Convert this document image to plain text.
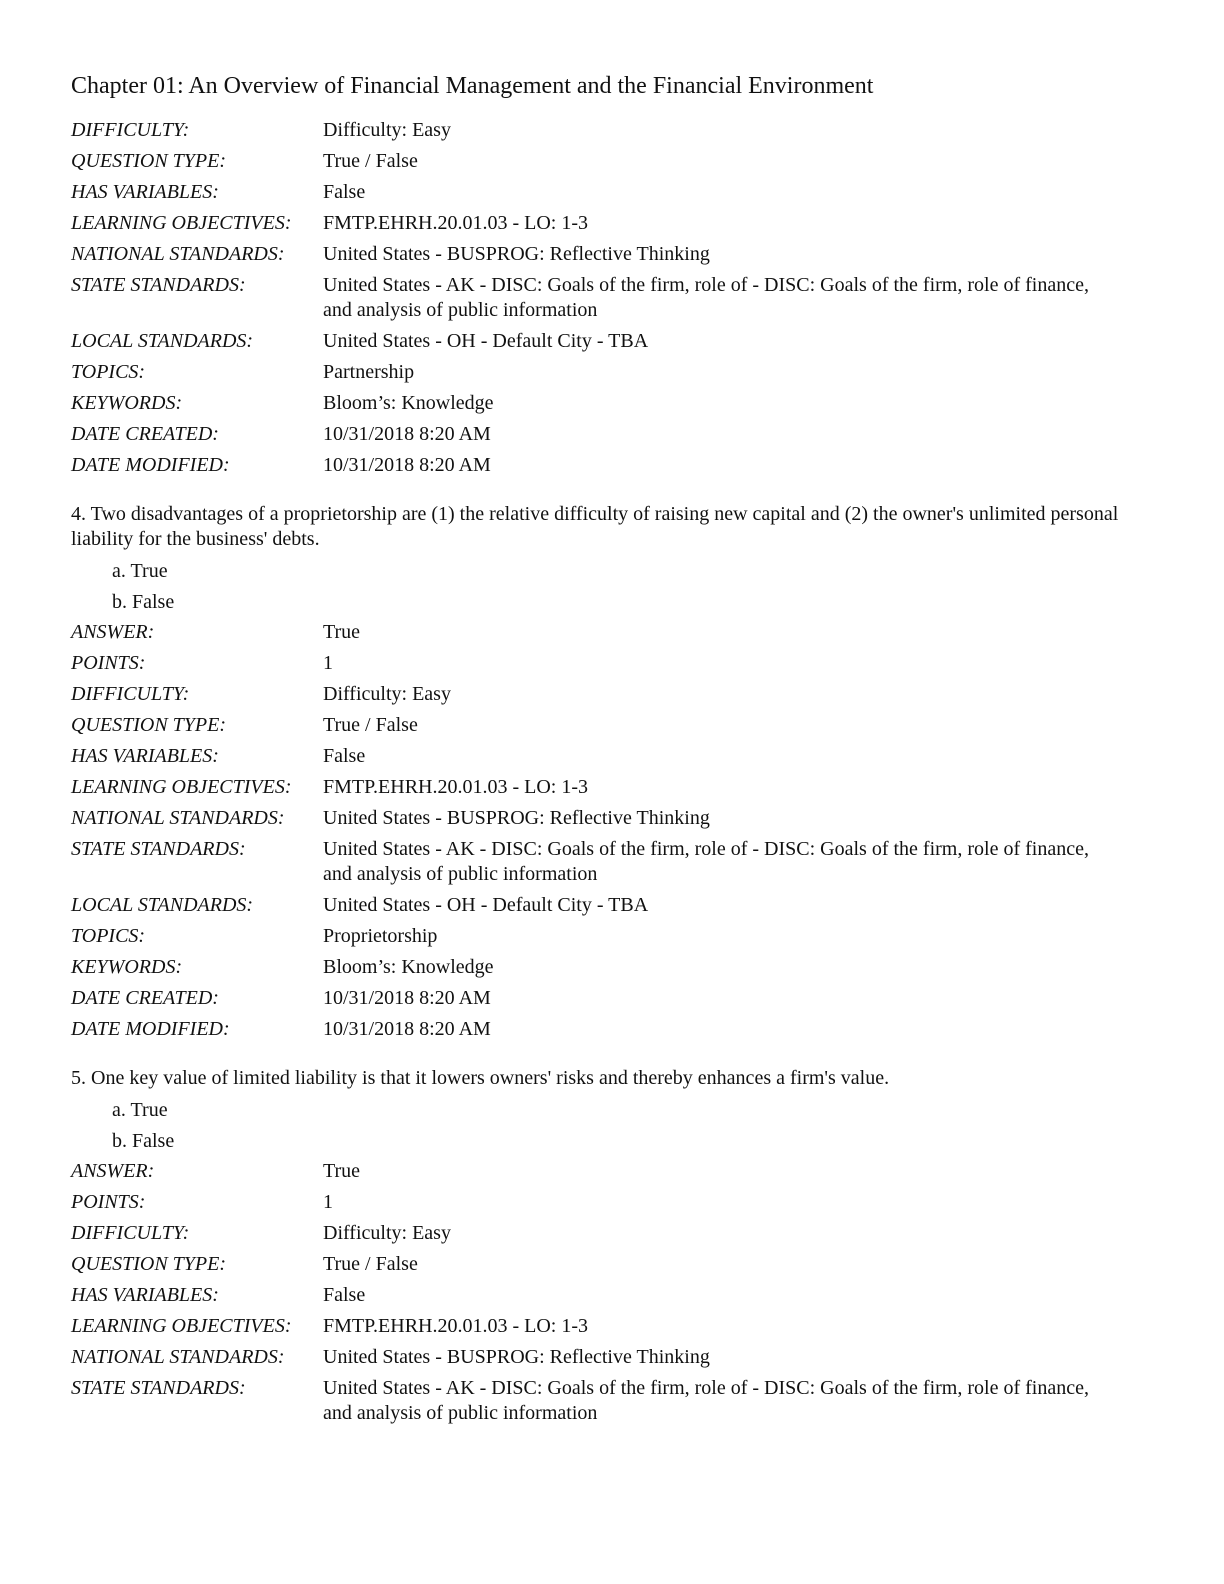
Chapter 01: An Overview of Financial Management and the Financial Environment
DIFFICULTY:	Difficulty: Easy
QUESTION TYPE:	True / False
HAS VARIABLES:	False
LEARNING OBJECTIVES:	FMTP.EHRH.20.01.03 - LO: 1-3
NATIONAL STANDARDS:	United States - BUSPROG: Reflective Thinking
STATE STANDARDS:	United States - AK - DISC: Goals of the firm, role of - DISC: Goals of the firm, role of finance, and analysis of public information
LOCAL STANDARDS:	United States - OH - Default City - TBA
TOPICS:	Partnership
KEYWORDS:	Bloom’s: Knowledge
DATE CREATED:	10/31/2018 8:20 AM
DATE MODIFIED:	10/31/2018 8:20 AM

4. Two disadvantages of a proprietorship are (1) the relative difficulty of raising new capital and (2) the owner's unlimited personal liability for the business' debts.

a. True
b. False
ANSWER:	True
POINTS:	1
DIFFICULTY:	Difficulty: Easy
QUESTION TYPE:	True / False
HAS VARIABLES:	False
LEARNING OBJECTIVES:	FMTP.EHRH.20.01.03 - LO: 1-3
NATIONAL STANDARDS:	United States - BUSPROG: Reflective Thinking
STATE STANDARDS:	United States - AK - DISC: Goals of the firm, role of - DISC: Goals of the firm, role of finance, and analysis of public information
LOCAL STANDARDS:	United States - OH - Default City - TBA
TOPICS:	Proprietorship
KEYWORDS:	Bloom’s: Knowledge
DATE CREATED:	10/31/2018 8:20 AM
DATE MODIFIED:	10/31/2018 8:20 AM

5. One key value of limited liability is that it lowers owners' risks and thereby enhances a firm's value.

a. True
b. False
ANSWER:	True
POINTS:	1
DIFFICULTY:	Difficulty: Easy
QUESTION TYPE:	True / False
HAS VARIABLES:	False
LEARNING OBJECTIVES:	FMTP.EHRH.20.01.03 - LO: 1-3
NATIONAL STANDARDS:	United States - BUSPROG: Reflective Thinking
STATE STANDARDS:	United States - AK - DISC: Goals of the firm, role of - DISC: Goals of the firm, role of finance, and analysis of public information
